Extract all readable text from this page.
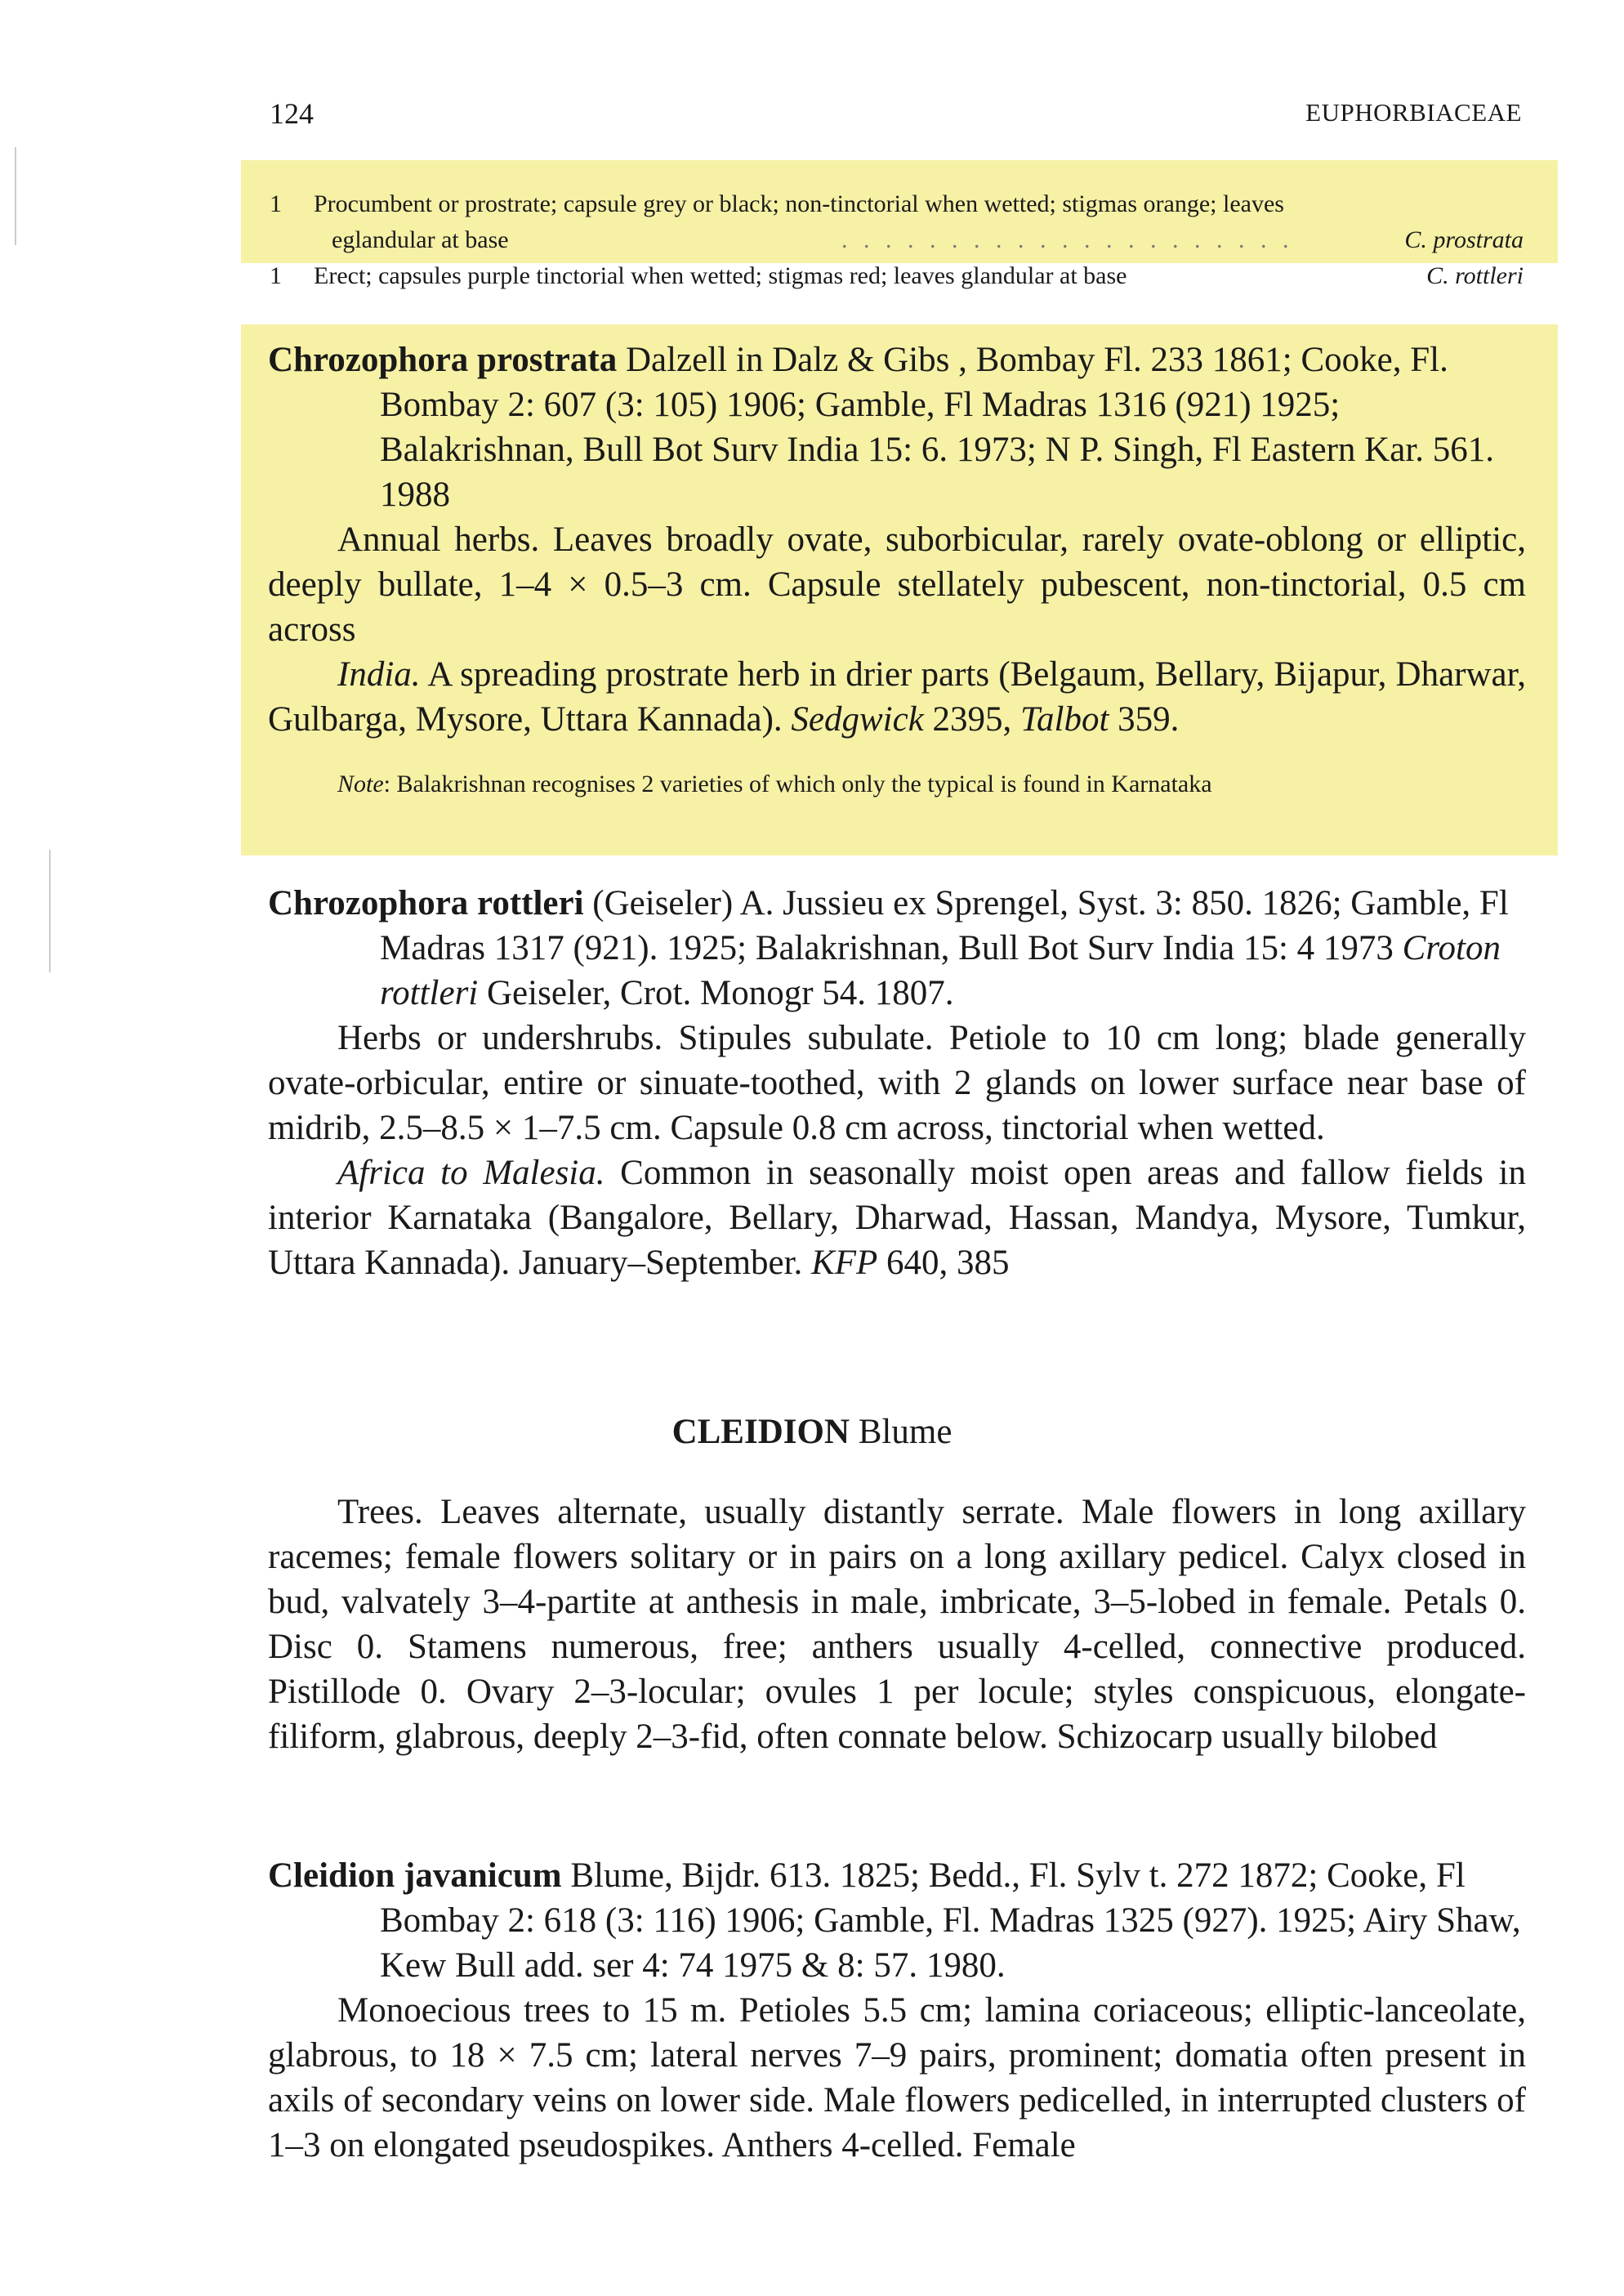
124	EUPHORBIACEAE
1 Procumbent or prostrate; capsule grey or black; non-tinctorial when wetted; stigmas orange; leaves
eglandular at base	. . . . . . . . . . . . . . . . . . . . .	C. prostrata
1 Erect; capsules purple tinctorial when wetted; stigmas red; leaves glandular at base	C. rottleri

Chrozophora prostrata Dalzell in Dalz & Gibs , Bombay Fl. 233 1861; Cooke, Fl. Bombay 2: 607 (3: 105) 1906; Gamble, Fl Madras 1316 (921) 1925; Balakrishnan, Bull Bot Surv India 15: 6. 1973; N P. Singh, Fl Eastern Kar. 561. 1988

Annual herbs. Leaves broadly ovate, suborbicular, rarely ovate-oblong or elliptic, deeply bullate, 1–4 × 0.5–3 cm. Capsule stellately pubescent, non-tinctorial, 0.5 cm across

India. A spreading prostrate herb in drier parts (Belgaum, Bellary, Bijapur, Dharwar, Gulbarga, Mysore, Uttara Kannada). Sedgwick 2395, Talbot 359.

Note: Balakrishnan recognises 2 varieties of which only the typical is found in Karnataka

Chrozophora rottleri (Geiseler) A. Jussieu ex Sprengel, Syst. 3: 850. 1826; Gamble, Fl Madras 1317 (921). 1925; Balakrishnan, Bull Bot Surv India 15: 4 1973 Croton rottleri Geiseler, Crot. Monogr 54. 1807.

Herbs or undershrubs. Stipules subulate. Petiole to 10 cm long; blade generally ovate-orbicular, entire or sinuate-toothed, with 2 glands on lower surface near base of midrib, 2.5–8.5 × 1–7.5 cm. Capsule 0.8 cm across, tinctorial when wetted.

Africa to Malesia. Common in seasonally moist open areas and fallow fields in interior Karnataka (Bangalore, Bellary, Dharwad, Hassan, Mandya, Mysore, Tumkur, Uttara Kannada). January–September. KFP 640, 385

CLEIDION Blume

Trees. Leaves alternate, usually distantly serrate. Male flowers in long axillary racemes; female flowers solitary or in pairs on a long axillary pedicel. Calyx closed in bud, valvately 3–4-partite at anthesis in male, imbricate, 3–5-lobed in female. Petals 0. Disc 0. Stamens numerous, free; anthers usually 4-celled, connective produced. Pistillode 0. Ovary 2–3-locular; ovules 1 per locule; styles conspicuous, elongate-filiform, glabrous, deeply 2–3-fid, often connate below. Schizocarp usually bilobed

Cleidion javanicum Blume, Bijdr. 613. 1825; Bedd., Fl. Sylv t. 272 1872; Cooke, Fl Bombay 2: 618 (3: 116) 1906; Gamble, Fl. Madras 1325 (927). 1925; Airy Shaw, Kew Bull add. ser 4: 74 1975 & 8: 57. 1980.

Monoecious trees to 15 m. Petioles 5.5 cm; lamina coriaceous; elliptic-lanceolate, glabrous, to 18 × 7.5 cm; lateral nerves 7–9 pairs, prominent; domatia often present in axils of secondary veins on lower side. Male flowers pedicelled, in interrupted clusters of 1–3 on elongated pseudospikes. Anthers 4-celled. Female
